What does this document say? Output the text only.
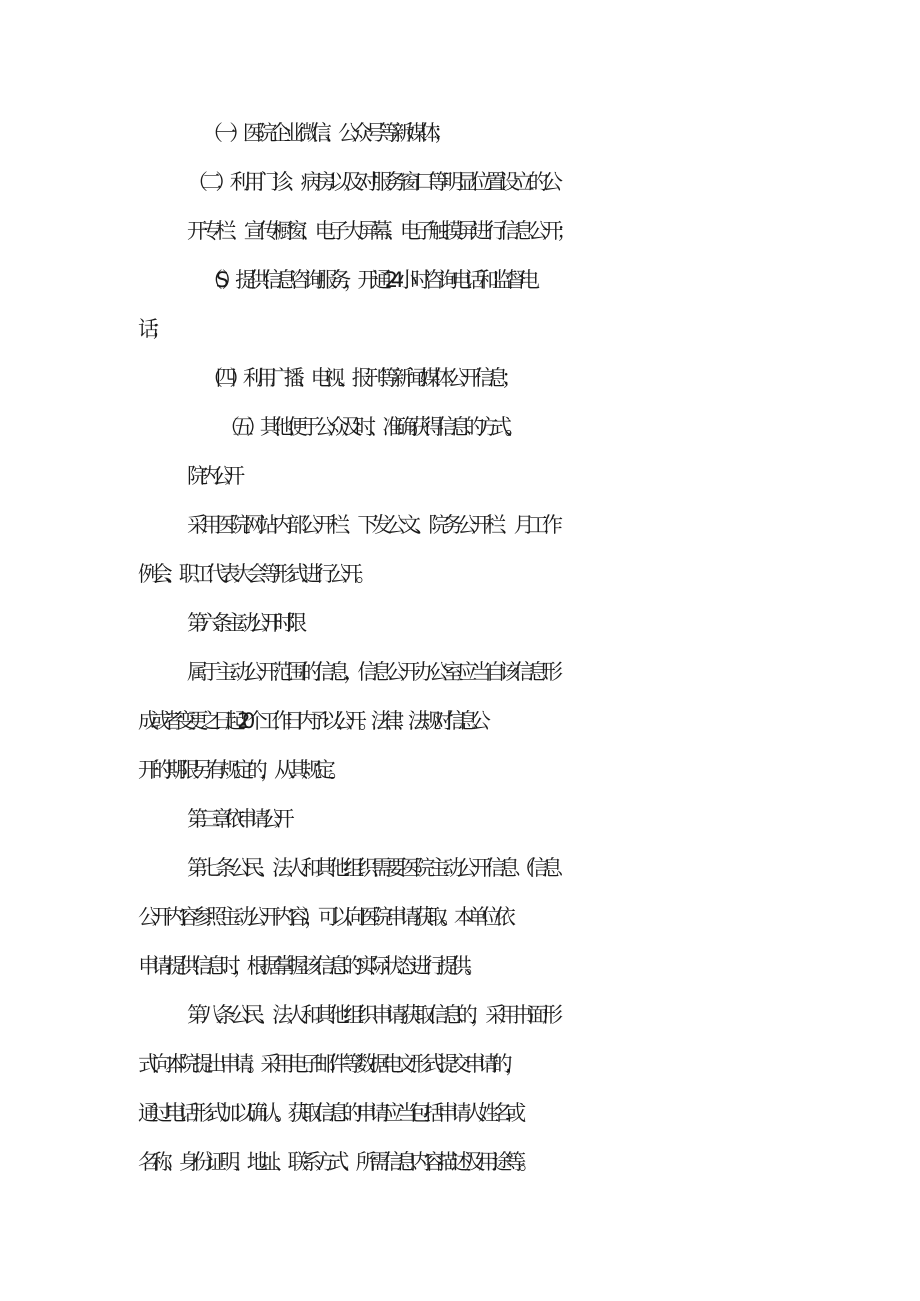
（一）医院企业微信、公众号等新媒体；
（二）利用门诊、病房以及对服务窗口等明显位置设立的公
开专栏、宣传橱窗、电子大屏幕、电子触摸屏进行信息公开；
（S）提供信息咨询服务，开通24小时咨询电话和监督电
话；
（四）利用广播、电视、报刊等新闻媒体公开信息；
（五）其他便于公众及时、准确获得信息的方式。
院内公开
采用医院网站内部公开栏、下发公文、院务公开栏、月工作
例会、职工代表大会等形式进行公开。
第六条主动公开时限
属于主动公开范围的信息，信息公开办公室应当自该信息形
成或者变更之日起20个工作日内予以公开。法律、法规对信息公
开的期限另有规定的，从其规定。
第三章依申请公开
第七条公民、法人和其他组织需要医院主动公开信息（信息
公开内容参照主动公开内容），可以向医院申请获取。本单位依
申请提供信息时，根据掌握该信息的实际状态进行提供。
第八条公民、法人和其他组织申请获取信息的，采用书面形
式向本院提出申请。采用电子邮件等数据电文形式提交申请的，
通过电话形式加以确认。获取信息的申请应当包括申请人姓名或
名称、身份证明、地址、联系方式、所需信息内容描述及用途等。
